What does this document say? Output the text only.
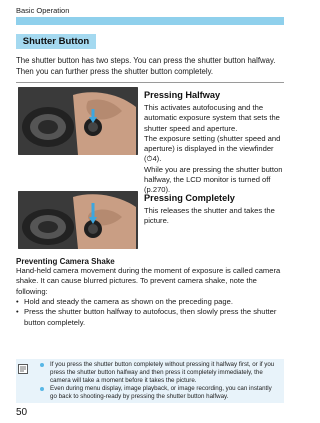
Basic Operation
Shutter Button
The shutter button has two steps. You can press the shutter button halfway. Then you can further press the shutter button completely.
Pressing Halfway
This activates autofocusing and the automatic exposure system that sets the shutter speed and aperture.
The exposure setting (shutter speed and aperture) is displayed in the viewfinder (⏱4).
While you are pressing the shutter button halfway, the LCD monitor is turned off (p.270).
Pressing Completely
This releases the shutter and takes the picture.
Preventing Camera Shake
Hand-held camera movement during the moment of exposure is called camera shake. It can cause blurred pictures. To prevent camera shake, note the following:
• Hold and steady the camera as shown on the preceding page.
• Press the shutter button halfway to autofocus, then slowly press the shutter button completely.
If you press the shutter button completely without pressing it halfway first, or if you press the shutter button halfway and then press it completely immediately, the camera will take a moment before it takes the picture.
Even during menu display, image playback, or image recording, you can instantly go back to shooting-ready by pressing the shutter button halfway.
50
